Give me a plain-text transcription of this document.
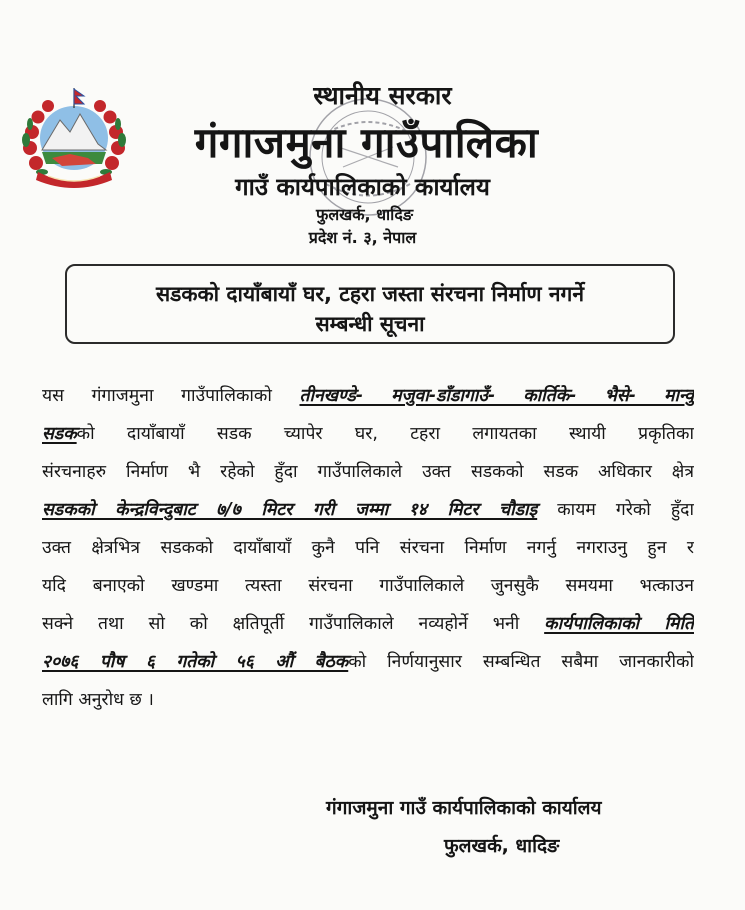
स्थानीय सरकार
गंगाजमुना गाउँपालिका
गाउँ कार्यपालिकाको कार्यालय
फुलखर्क, धादिङ
प्रदेश नं. ३, नेपाल
सडकको दायाँबायाँ घर, टहरा जस्ता संरचना निर्माण नगर्ने
सम्बन्धी सूचना
यस गंगाजमुना गाउँपालिकाको तीनखण्डे- मजुवा-डाँडागाउँ- कार्तिके- भैसे- मान्वु
सडकको दायाँबायाँ सडक च्यापेर घर, टहरा लगायतका स्थायी प्रकृतिका
संरचनाहरु निर्माण भै रहेको हुँदा गाउँपालिकाले उक्त सडकको सडक अधिकार क्षेत्र
सडकको केन्द्रविन्दुबाट ७/७ मिटर गरी जम्मा १४ मिटर चौडाइ कायम गरेको हुँदा
उक्त क्षेत्रभित्र सडकको दायाँबायाँ कुनै पनि संरचना निर्माण नगर्नु नगराउनु हुन र
यदि बनाएको खण्डमा त्यस्ता संरचना गाउँपालिकाले जुनसुकै समयमा भत्काउन
सक्ने तथा सो को क्षतिपूर्ती गाउँपालिकाले नव्यहोर्ने भनी कार्यपालिकाको मिति
२०७६ पौष ६ गतेको ५६ औं बैठकको निर्णयानुसार सम्बन्धित सबैमा जानकारीको
लागि अनुरोध छ ।
गंगाजमुना गाउँ कार्यपालिकाको कार्यालय
फुलखर्क, धादिङ
